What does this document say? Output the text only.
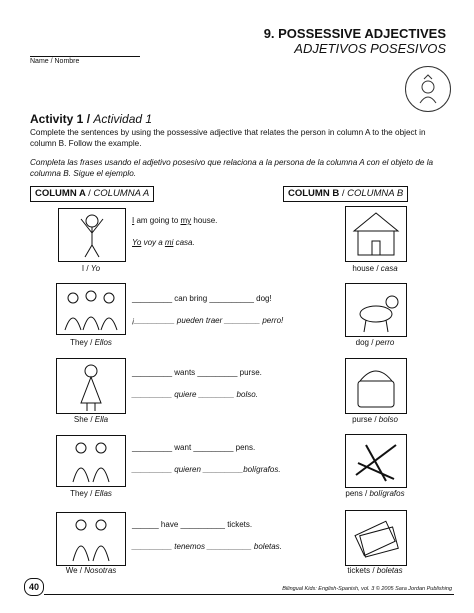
9. POSSESSIVE ADJECTIVES
ADJETIVOS POSESIVOS
Name / Nombre
Activity 1 / Actividad 1
Complete the sentences by using the possessive adjective that relates the person in column A to the object in column B. Follow the example.
Completa las frases usando el adjetivo posesivo que relaciona a la persona de la columna A con el objeto de la columna B. Sigue el ejemplo.
COLUMN A / COLUMNA A	COLUMN B / COLUMNA B
I / Yo
I am going to my house.
Yo voy a mi casa.
house / casa
They / Ellos
_________ can bring __________ dog!
¡_________ pueden traer ________ perro!
dog / perro
She / Ella
_________ wants _________ purse.
_________ quiere ________ bolso.
purse / bolso
They / Ellas
_________ want _________ pens.
_________ quieren _________bolígrafos.
pens / bolígrafos
We / Nosotras
______ have __________ tickets.
_________ tenemos __________ boletas.
tickets / boletas
40	Bilingual Kids: English-Spanish, vol. 3 © 2005 Sara Jordan Publishing
